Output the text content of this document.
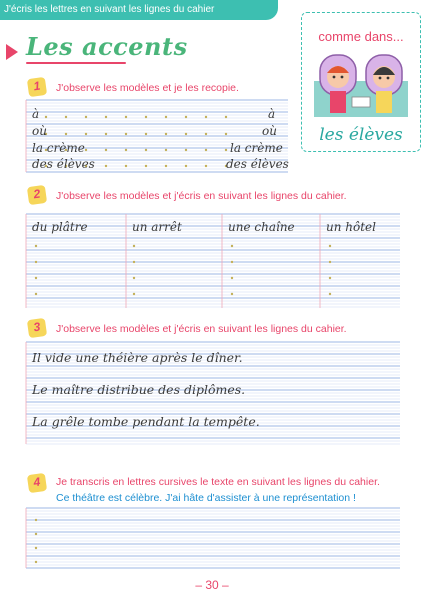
J'écris les lettres en suivant les lignes du cahier
Les accents	comme dans...
les élèves
1	J'observe les modèles et je les recopie.
à	à
où	où
la crème	la crème
des élèves	des élèves
2	J'observe les modèles et j'écris en suivant les lignes du cahier.
du plâtre	un arrêt	une chaîne	un hôtel
3	J'observe les modèles et j'écris en suivant les lignes du cahier.
Il vide une théière après le dîner.
Le maître distribue des diplômes.
La grêle tombe pendant la tempête.
4	Je transcris en lettres cursives le texte en suivant les lignes du cahier.
Ce théâtre est célèbre. J'ai hâte d'assister à une représentation !
– 30 –
